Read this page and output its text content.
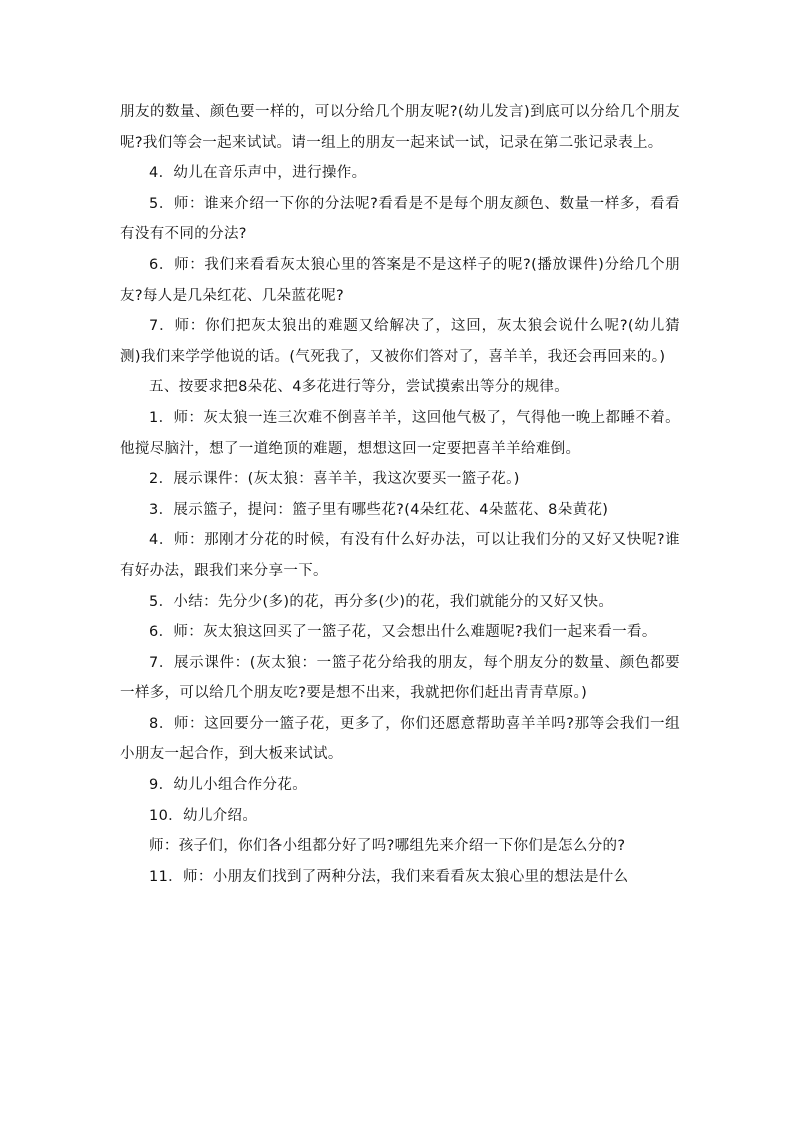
朋友的数量、颜色要一样的，可以分给几个朋友呢?(幼儿发言)到底可以分给几个朋友呢?我们等会一起来试试。请一组上的朋友一起来试一试，记录在第二张记录表上。

4．幼儿在音乐声中，进行操作。

5．师：谁来介绍一下你的分法呢?看看是不是每个朋友颜色、数量一样多，看看有没有不同的分法?

6．师：我们来看看灰太狼心里的答案是不是这样子的呢?(播放课件)分给几个朋友?每人是几朵红花、几朵蓝花呢?

7．师：你们把灰太狼出的难题又给解决了，这回，灰太狼会说什么呢?(幼儿猜测)我们来学学他说的话。(气死我了，又被你们答对了，喜羊羊，我还会再回来的。)

五、按要求把8朵花、4多花进行等分，尝试摸索出等分的规律。

1．师：灰太狼一连三次难不倒喜羊羊，这回他气极了，气得他一晚上都睡不着。他搅尽脑汁，想了一道绝顶的难题，想想这回一定要把喜羊羊给难倒。

2．展示课件：(灰太狼：喜羊羊，我这次要买一篮子花。)

3．展示篮子，提问：篮子里有哪些花?(4朵红花、4朵蓝花、8朵黄花)

4．师：那刚才分花的时候，有没有什么好办法，可以让我们分的又好又快呢?谁有好办法，跟我们来分享一下。

5．小结：先分少(多)的花，再分多(少)的花，我们就能分的又好又快。

6．师：灰太狼这回买了一篮子花，又会想出什么难题呢?我们一起来看一看。

7．展示课件：(灰太狼：一篮子花分给我的朋友，每个朋友分的数量、颜色都要一样多，可以给几个朋友吃?要是想不出来，我就把你们赶出青青草原。)

8．师：这回要分一篮子花，更多了，你们还愿意帮助喜羊羊吗?那等会我们一组小朋友一起合作，到大板来试试。

9．幼儿小组合作分花。

10．幼儿介绍。

师：孩子们，你们各小组都分好了吗?哪组先来介绍一下你们是怎么分的?

11．师：小朋友们找到了两种分法，我们来看看灰太狼心里的想法是什么
